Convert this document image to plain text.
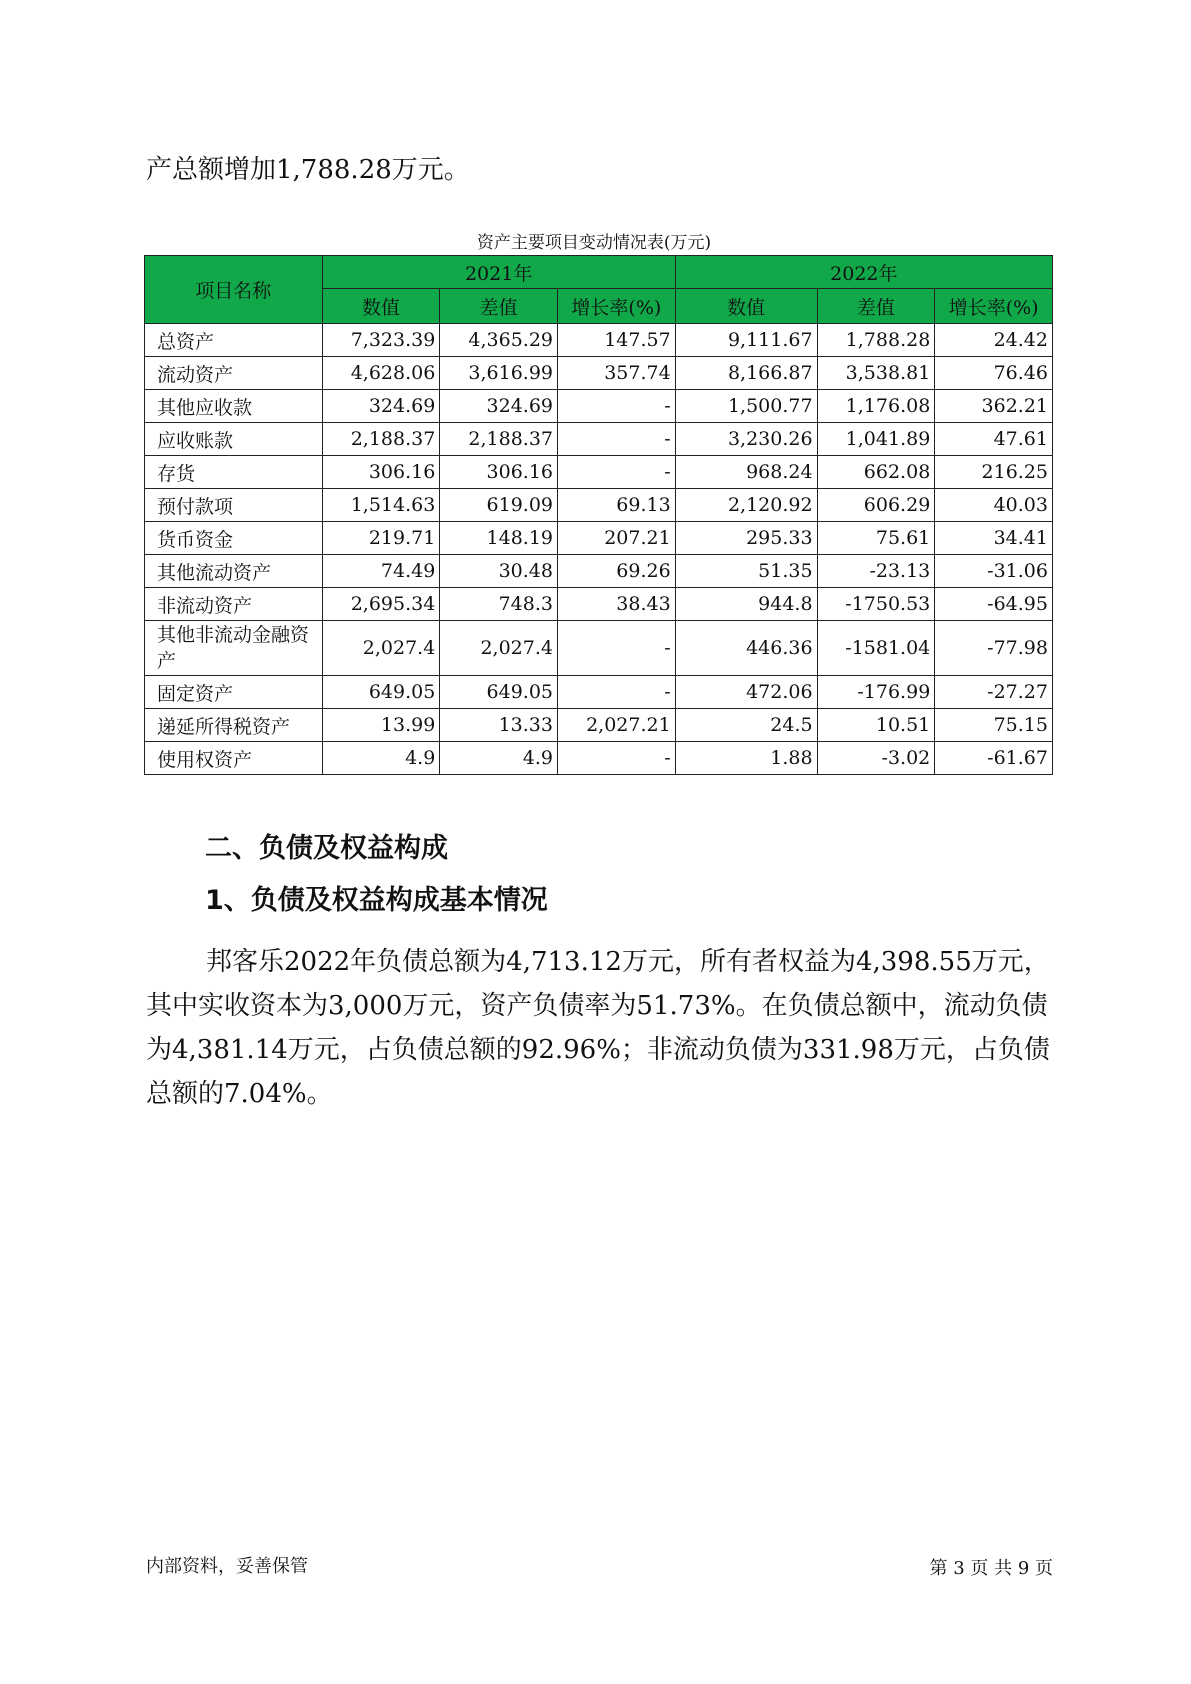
产总额增加1,788.28万元。

资产主要项目变动情况表(万元)
项目名称	2021年			2022年		
	数值	差值	增长率(%)	数值	差值	增长率(%)
总资产	7,323.39	4,365.29	147.57	9,111.67	1,788.28	24.42
流动资产	4,628.06	3,616.99	357.74	8,166.87	3,538.81	76.46
其他应收款	324.69	324.69	-	1,500.77	1,176.08	362.21
应收账款	2,188.37	2,188.37	-	3,230.26	1,041.89	47.61
存货	306.16	306.16	-	968.24	662.08	216.25
预付款项	1,514.63	619.09	69.13	2,120.92	606.29	40.03
货币资金	219.71	148.19	207.21	295.33	75.61	34.41
其他流动资产	74.49	30.48	69.26	51.35	-23.13	-31.06
非流动资产	2,695.34	748.3	38.43	944.8	-1750.53	-64.95
其他非流动金融资产	2,027.4	2,027.4	-	446.36	-1581.04	-77.98
固定资产	649.05	649.05	-	472.06	-176.99	-27.27
递延所得税资产	13.99	13.33	2,027.21	24.5	10.51	75.15
使用权资产	4.9	4.9	-	1.88	-3.02	-61.67
二、负债及权益构成
1、负债及权益构成基本情况

邦客乐2022年负债总额为4,713.12万元，所有者权益为4,398.55万元，其中实收资本为3,000万元，资产负债率为51.73%。在负债总额中，流动负债为4,381.14万元，占负债总额的92.96%；非流动负债为331.98万元，占负债总额的7.04%。

内部资料，妥善保管	第 3 页 共 9 页
